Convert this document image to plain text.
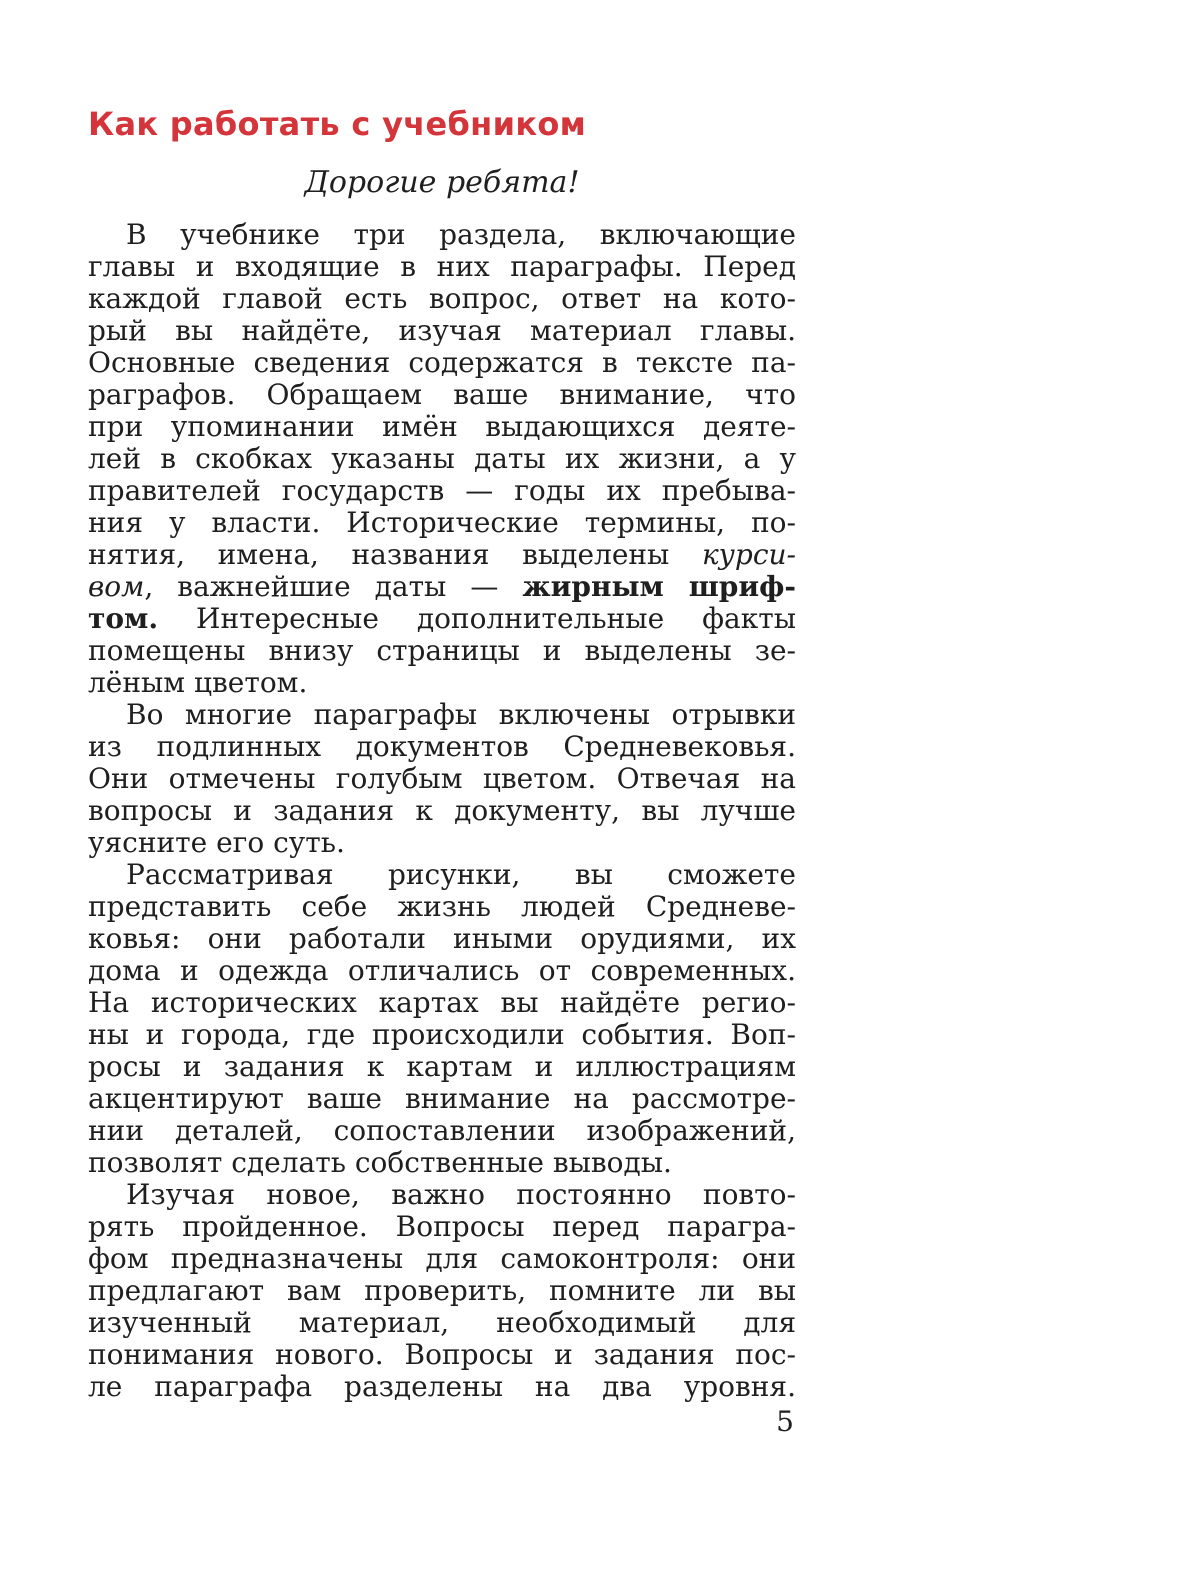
Как работать с учебником
Дорогие ребята!
В учебнике три раздела, включающие
главы и входящие в них параграфы. Перед
каждой главой есть вопрос, ответ на кото-
рый вы найдёте, изучая материал главы.
Основные сведения содержатся в тексте па-
раграфов. Обращаем ваше внимание, что
при упоминании имён выдающихся деяте-
лей в скобках указаны даты их жизни, а у
правителей государств — годы их пребыва-
ния у власти. Исторические термины, по-
нятия, имена, названия выделены курси-
вом, важнейшие даты — жирным шриф-
том. Интересные дополнительные факты
помещены внизу страницы и выделены зе-
лёным цветом.
Во многие параграфы включены отрывки
из подлинных документов Средневековья.
Они отмечены голубым цветом. Отвечая на
вопросы и задания к документу, вы лучше
уясните его суть.
Рассматривая рисунки, вы сможете
представить себе жизнь людей Средневе-
ковья: они работали иными орудиями, их
дома и одежда отличались от современных.
На исторических картах вы найдёте регио-
ны и города, где происходили события. Воп-
росы и задания к картам и иллюстрациям
акцентируют ваше внимание на рассмотре-
нии деталей, сопоставлении изображений,
позволят сделать собственные выводы.
Изучая новое, важно постоянно повто-
рять пройденное. Вопросы перед парагра-
фом предназначены для самоконтроля: они
предлагают вам проверить, помните ли вы
изученный материал, необходимый для
понимания нового. Вопросы и задания пос-
ле параграфа разделены на два уровня.
5
